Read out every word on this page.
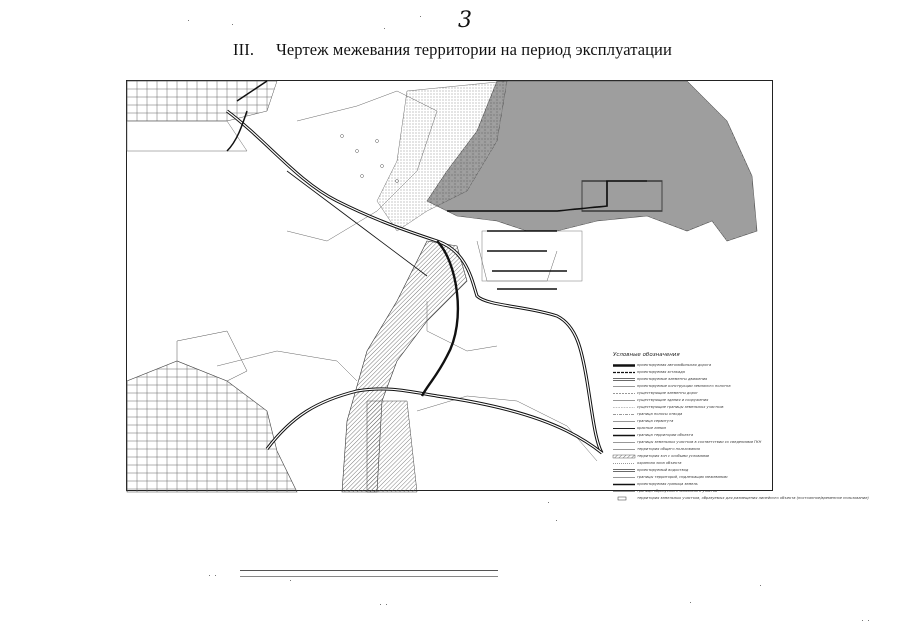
3
III. Чертеж межевания территории на период эксплуатации
Условные обозначения
проектируемая автомобильная дорога
проектируемая эстакада
проектируемые элементы движения
проектируемые конструкции земляного полотна
существующие элементы дорог
существующие здания и сооружения
существующие границы земельных участков
граница полосы отвода
граница сервитута
красные линии
граница территории объекта
границы земельных участков в соответствии со сведениями ГКН
территория общего пользования
территория зон с особыми условиями
охранная зона объекта
проектируемый водоотвод
границы территорий, подлежащих межеванию
проектируемая граница земель
граница образуемого земельного участка
территория земельных участков, образуемых для размещения линейного объекта (постоянное/временное пользование)
